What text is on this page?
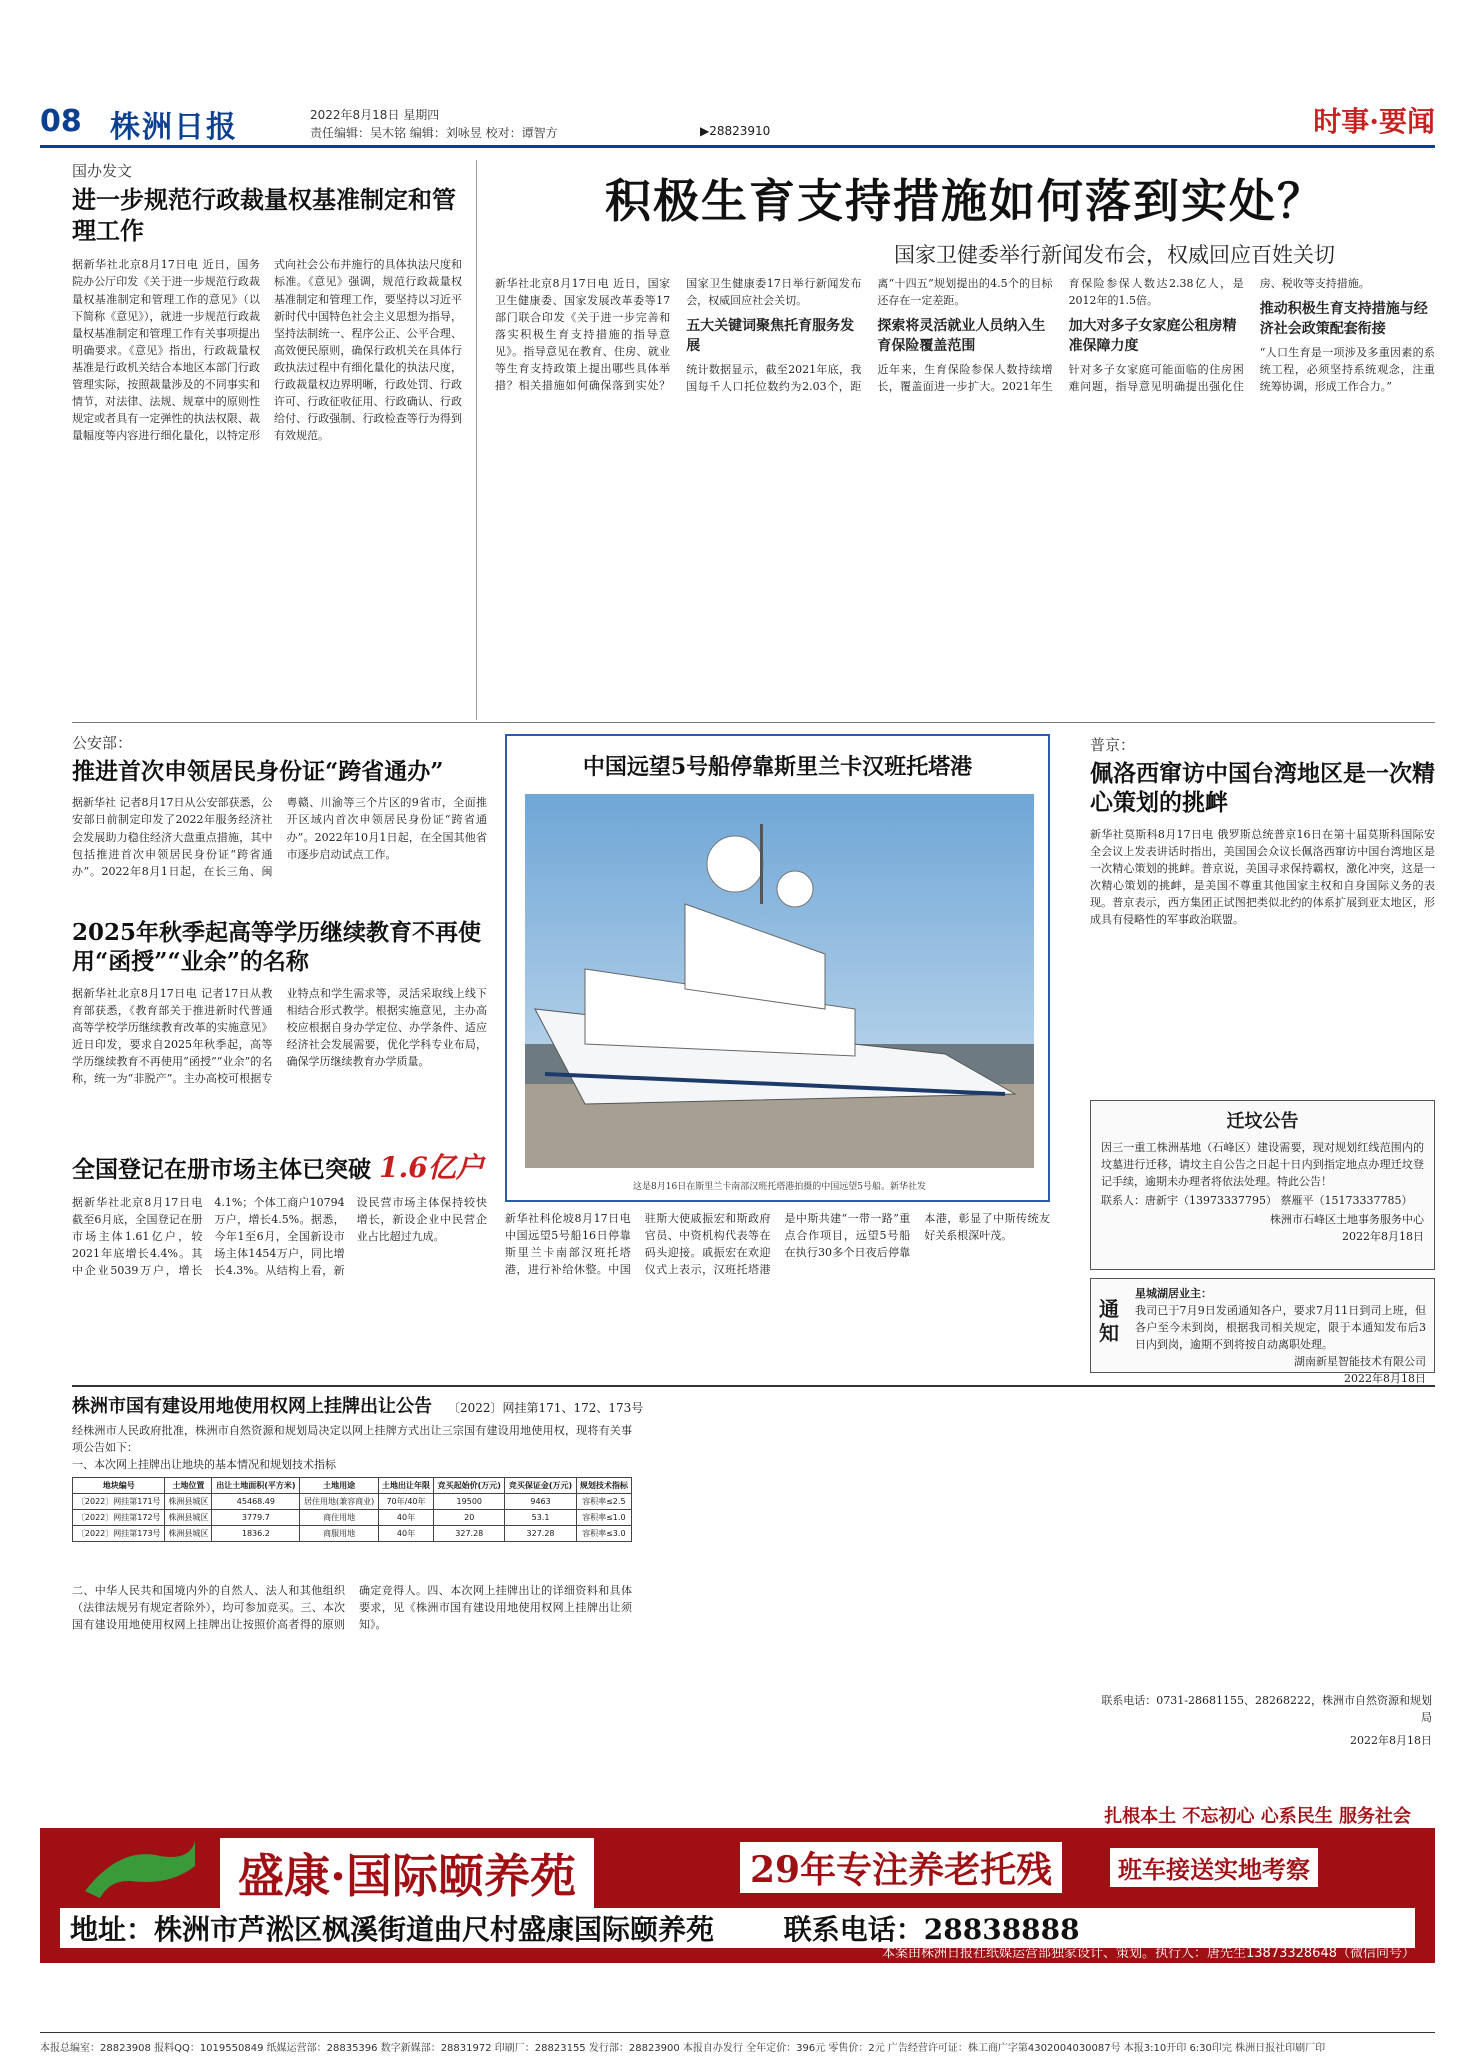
08 株洲日报	2022年8月18日 星期四
责任编辑：吴木铭 编辑：刘咏昱 校对：谭智方	▶28823910	时事·要闻
国办发文
进一步规范行政裁量权基准制定和管理工作
据新华社北京8月17日电 近日，国务院办公厅印发《关于进一步规范行政裁量权基准制定和管理工作的意见》（以下简称《意见》），就进一步规范行政裁量权基准制定和管理工作有关事项提出明确要求。《意见》指出，行政裁量权基准是行政机关结合本地区本部门行政管理实际，按照裁量涉及的不同事实和情节，对法律、法规、规章中的原则性规定或者具有一定弹性的执法权限、裁量幅度等内容进行细化量化，以特定形式向社会公布并施行的具体执法尺度和标准。《意见》强调，规范行政裁量权基准制定和管理工作，要坚持以习近平新时代中国特色社会主义思想为指导，坚持法制统一、程序公正、公平合理、高效便民原则，确保行政机关在具体行政执法过程中有细化量化的执法尺度，行政裁量权边界明晰，行政处罚、行政许可、行政征收征用、行政确认、行政给付、行政强制、行政检查等行为得到有效规范。
积极生育支持措施如何落到实处？
国家卫健委举行新闻发布会，权威回应百姓关切

新华社北京8月17日电 近日，国家卫生健康委、国家发展改革委等17部门联合印发《关于进一步完善和落实积极生育支持措施的指导意见》。指导意见在教育、住房、就业等生育支持政策上提出哪些具体举措？相关措施如何确保落到实处？国家卫生健康委17日举行新闻发布会，权威回应社会关切。

五大关键词聚焦托育服务发展

统计数据显示，截至2021年底，我国每千人口托位数约为2.03个，距离“十四五”规划提出的4.5个的目标还存在一定差距。

探索将灵活就业人员纳入生育保险覆盖范围

近年来，生育保险参保人数持续增长，覆盖面进一步扩大。2021年生育保险参保人数达2.38亿人，是2012年的1.5倍。

加大对多子女家庭公租房精准保障力度

针对多子女家庭可能面临的住房困难问题，指导意见明确提出强化住房、税收等支持措施。

推动积极生育支持措施与经济社会政策配套衔接

“人口生育是一项涉及多重因素的系统工程，必须坚持系统观念，注重统筹协调，形成工作合力。”

公安部：
推进首次申领居民身份证“跨省通办”
据新华社 记者8月17日从公安部获悉，公安部日前制定印发了2022年服务经济社会发展助力稳住经济大盘重点措施，其中包括推进首次申领居民身份证“跨省通办”。2022年8月1日起，在长三角、闽粤赣、川渝等三个片区的9省市，全面推开区域内首次申领居民身份证“跨省通办”。2022年10月1日起，在全国其他省市逐步启动试点工作。
2025年秋季起高等学历继续教育不再使用“函授”“业余”的名称
据新华社北京8月17日电 记者17日从教育部获悉，《教育部关于推进新时代普通高等学校学历继续教育改革的实施意见》近日印发，要求自2025年秋季起，高等学历继续教育不再使用“函授”“业余”的名称，统一为“非脱产”。主办高校可根据专业特点和学生需求等，灵活采取线上线下相结合形式教学。根据实施意见，主办高校应根据自身办学定位、办学条件、适应经济社会发展需要，优化学科专业布局，确保学历继续教育办学质量。
全国登记在册市场主体已突破 1.6亿户
据新华社北京8月17日电 截至6月底，全国登记在册市场主体1.61亿户，较2021年底增长4.4%。其中企业5039万户，增长4.1%；个体工商户10794万户，增长4.5%。据悉，今年1至6月，全国新设市场主体1454万户，同比增长4.3%。从结构上看，新设民营市场主体保持较快增长，新设企业中民营企业占比超过九成。
中国远望5号船停靠斯里兰卡汉班托塔港
这是8月16日在斯里兰卡南部汉班托塔港拍摄的中国远望5号船。新华社发
新华社科伦坡8月17日电 中国远望5号船16日停靠斯里兰卡南部汉班托塔港，进行补给休整。中国驻斯大使戚振宏和斯政府官员、中资机构代表等在码头迎接。戚振宏在欢迎仪式上表示，汉班托塔港是中斯共建“一带一路”重点合作项目，远望5号船在执行30多个日夜后停靠本港，彰显了中斯传统友好关系根深叶茂。
普京：
佩洛西窜访中国台湾地区是一次精心策划的挑衅
新华社莫斯科8月17日电 俄罗斯总统普京16日在第十届莫斯科国际安全会议上发表讲话时指出，美国国会众议长佩洛西窜访中国台湾地区是一次精心策划的挑衅。普京说，美国寻求保持霸权，激化冲突，这是一次精心策划的挑衅，是美国不尊重其他国家主权和自身国际义务的表现。普京表示，西方集团正试图把类似北约的体系扩展到亚太地区，形成具有侵略性的军事政治联盟。
迁坟公告
因三一重工株洲基地（石峰区）建设需要，现对规划红线范围内的坟墓进行迁移，请坟主自公告之日起十日内到指定地点办理迁坟登记手续，逾期未办理者将依法处理。特此公告！
联系人：唐新宇（13973337795） 蔡雁平（15173337785）
株洲市石峰区土地事务服务中心
2022年8月18日
通知
星城湖居业主：
我司已于7月9日发函通知各户，要求7月11日到司上班，但各户至今未到岗，根据我司相关规定，限于本通知发布后3日内到岗，逾期不到将按自动离职处理。
湖南新星智能技术有限公司
2022年8月18日
株洲市国有建设用地使用权网上挂牌出让公告 〔2022〕网挂第171、172、173号
经株洲市人民政府批准，株洲市自然资源和规划局决定以网上挂牌方式出让三宗国有建设用地使用权，现将有关事项公告如下：
一、本次网上挂牌出让地块的基本情况和规划技术指标
地块编号	土地位置	出让土地面积(平方米)	土地用途	土地出让年限	竞买起始价(万元)	竞买保证金(万元)	规划技术指标
〔2022〕网挂第171号	株洲县城区	45468.49	居住用地(兼容商业)	70年/40年	19500	9463	容积率≤2.5
〔2022〕网挂第172号	株洲县城区	3779.7	商住用地	40年	20	53.1	容积率≤1.0
〔2022〕网挂第173号	株洲县城区	1836.2	商服用地	40年	327.28	327.28	容积率≤3.0
二、中华人民共和国境内外的自然人、法人和其他组织（法律法规另有规定者除外），均可参加竞买。三、本次国有建设用地使用权网上挂牌出让按照价高者得的原则确定竞得人。四、本次网上挂牌出让的详细资料和具体要求，见《株洲市国有建设用地使用权网上挂牌出让须知》。
联系电话：0731-28681155、28268222，株洲市自然资源和规划局
2022年8月18日
扎根本土 不忘初心 心系民生 服务社会
盛康·国际颐养苑	29年专注养老托残	班车接送实地考察
地址：株洲市芦淞区枫溪街道曲尺村盛康国际颐养苑 联系电话：28838888
本案由株洲日报社纸媒运营部独家设计、策划。执行人：唐先生13873328648（微信同号）
本报总编室：28823908 报料QQ：1019550849 纸媒运营部：28835396 数字新媒部：28831972 印刷厂：28823155 发行部：28823900 本报自办发行 全年定价：396元 零售价：2元 广告经营许可证：株工商广字第4302004030087号 本报3:10开印 6:30印完 株洲日报社印刷厂印
